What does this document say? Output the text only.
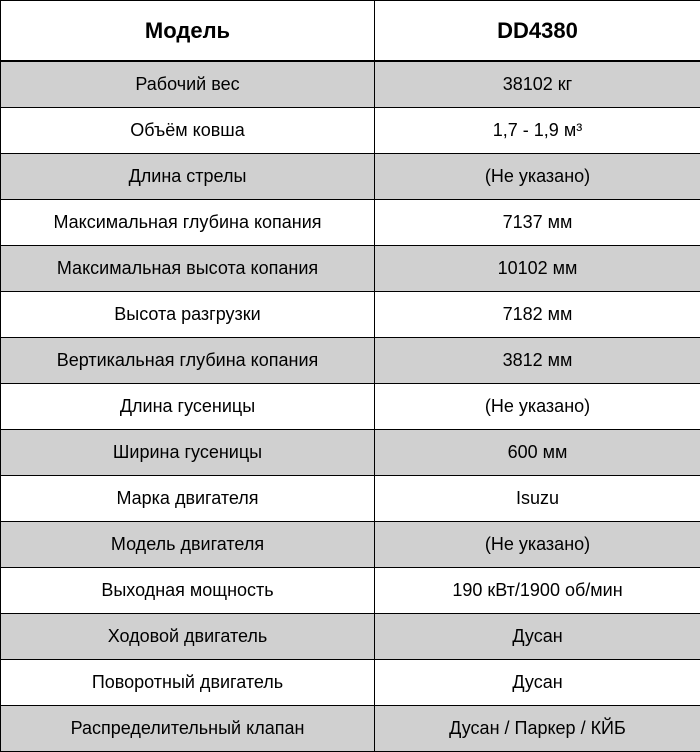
Модель	DD4380
Рабочий вес	38102 кг
Объём ковша	1,7 - 1,9 м³
Длина стрелы	(Не указано)
Максимальная глубина копания	7137 мм
Максимальная высота копания	10102 мм
Высота разгрузки	7182 мм
Вертикальная глубина копания	3812 мм
Длина гусеницы	(Не указано)
Ширина гусеницы	600 мм
Марка двигателя	Isuzu
Модель двигателя	(Не указано)
Выходная мощность	190 кВт/1900 об/мин
Ходовой двигатель	Дусан
Поворотный двигатель	Дусан
Распределительный клапан	Дусан / Паркер / КЙБ
